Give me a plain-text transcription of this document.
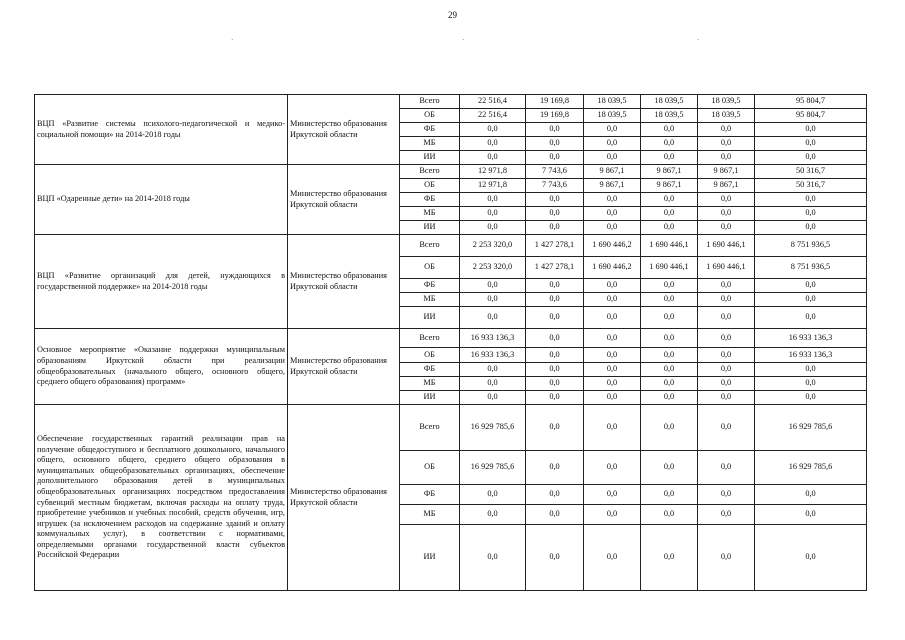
29
·	·	·
ВЦП «Развитие системы психолого-педагогической и медико-социальной помощи» на 2014-2018 годы	Министерство образования Иркутской области	Всего	22 516,4	19 169,8	18 039,5	18 039,5	18 039,5	95 804,7
		ОБ	22 516,4	19 169,8	18 039,5	18 039,5	18 039,5	95 804,7
		ФБ	0,0	0,0	0,0	0,0	0,0	0,0
		МБ	0,0	0,0	0,0	0,0	0,0	0,0
		ИИ	0,0	0,0	0,0	0,0	0,0	0,0
ВЦП «Одаренные дети» на 2014-2018 годы	Министерство образования Иркутской области	Всего	12 971,8	7 743,6	9 867,1	9 867,1	9 867,1	50 316,7
		ОБ	12 971,8	7 743,6	9 867,1	9 867,1	9 867,1	50 316,7
		ФБ	0,0	0,0	0,0	0,0	0,0	0,0
		МБ	0,0	0,0	0,0	0,0	0,0	0,0
		ИИ	0,0	0,0	0,0	0,0	0,0	0,0
ВЦП «Развитие организаций для детей, нуждающихся в государственной поддержке» на 2014-2018 годы	Министерство образования Иркутской области	Всего	2 253 320,0	1 427 278,1	1 690 446,2	1 690 446,1	1 690 446,1	8 751 936,5
		ОБ	2 253 320,0	1 427 278,1	1 690 446,2	1 690 446,1	1 690 446,1	8 751 936,5
		ФБ	0,0	0,0	0,0	0,0	0,0	0,0
		МБ	0,0	0,0	0,0	0,0	0,0	0,0
		ИИ	0,0	0,0	0,0	0,0	0,0	0,0
Основное мероприятие «Оказание поддержки муниципальным образованиям Иркутской области при реализации общеобразовательных (начального общего, основного общего, среднего общего образования) программ»	Министерство образования Иркутской области	Всего	16 933 136,3	0,0	0,0	0,0	0,0	16 933 136,3
		ОБ	16 933 136,3	0,0	0,0	0,0	0,0	16 933 136,3
		ФБ	0,0	0,0	0,0	0,0	0,0	0,0
		МБ	0,0	0,0	0,0	0,0	0,0	0,0
		ИИ	0,0	0,0	0,0	0,0	0,0	0,0
Обеспечение государственных гарантий реализации прав на получение общедоступного и бесплатного дошкольного, начального общего, основного общего, среднего общего образования в муниципальных общеобразовательных организациях, обеспечение дополнительного образования детей в муниципальных общеобразовательных организациях посредством предоставления субвенций местным бюджетам, включая расходы на оплату труда, приобретение учебников и учебных пособий, средств обучения, игр, игрушек (за исключением расходов на содержание зданий и оплату коммунальных услуг), в соответствии с нормативами, определяемыми органами государственной власти субъектов Российской Федерации	Министерство образования Иркутской области	Всего	16 929 785,6	0,0	0,0	0,0	0,0	16 929 785,6
		ОБ	16 929 785,6	0,0	0,0	0,0	0,0	16 929 785,6
		ФБ	0,0	0,0	0,0	0,0	0,0	0,0
		МБ	0,0	0,0	0,0	0,0	0,0	0,0
		ИИ	0,0	0,0	0,0	0,0	0,0	0,0
